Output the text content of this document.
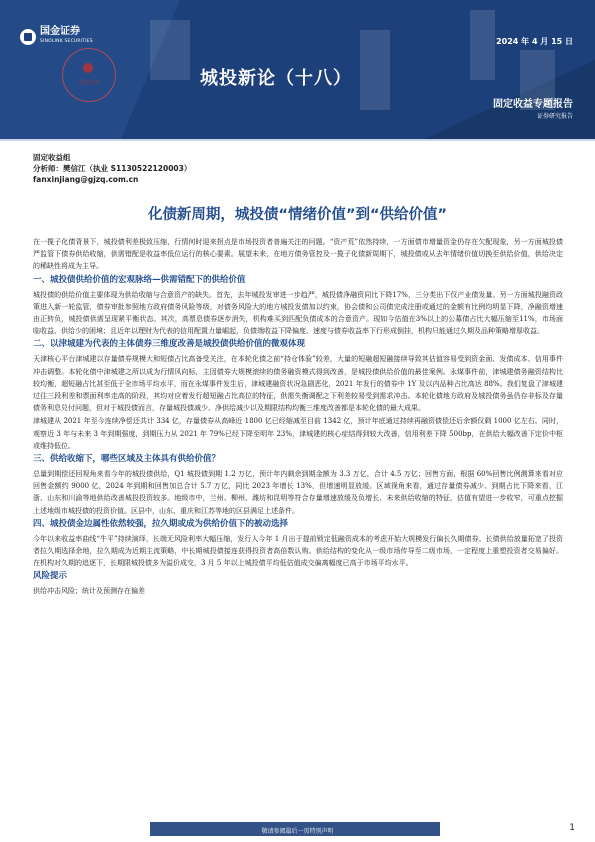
国金证券
SINOLINK SECURITIES	2024 年 4 月 15 日
国金证券	城投新论（十八）
固定收益专题报告
证券研究报告
固定收益组
分析师：樊信江（执业 S1130522120003）
fanxinjiang@gjzq.com.cn
化债新周期，城投债“情绪价值”到“供给价值”

在一揽子化债背景下，城投债利差极致压缩，行情何时迎来拐点是市场投资者普遍关注的问题。“资产荒”依然持续，一方面债市增量资金仍存在欠配现象，另一方面城投债严监管下债券供给收缩，供需错配是收益率低位运行的核心要素。展望未来，在地方债务管控及一揽子化债新周期下，城投债或从去年情绪价值切换至供给价值，供给决定的稀缺性将成为主导。

一、城投债供给价值的宏观脉络—供需错配下的供给价值

城投债的供给价值主要体现为供给收缩与合意资产的缺失。首先，去年城投发审进一步趋严，城投债净融资同比下降17%，三分类出下仅产业债发量。另一方面城投融资政策进入新一轮监管，债券审批参照地方政府债务风险等级，对债务风险大的地方城投发债加以约束，协会债和公司债完成注册或通过的金额有比例均明显下降，净融资增速由正转负，城投债供需呈现紧平衡状态。其次，高票息债券逐步消失，机构难买到匹配负债成本的合意资产。现如今估值在3%以上的公募债占比大幅压缩至11%，市场面临收益、供给少的困境；且近年以理财为代表的信用配置力量崛起，负债端收益下降偏度、速度与债券收益率下行形成倒挂，机构只能通过久期及品种策略增厚收益。

二、以津城建为代表的主体债券三维度改善是城投债供给价值的微观体现

天津核心平台津城建以存量债券规模大和短债占比高备受关注，在本轮化债之前“持仓体验”较差，大量的短融超短融接续导致其估值容易受到资金面、发债成本、信用事件冲击调整。本轮化债中津城建之所以成为行情风向标，主因债券大规模滚续的债务融资模式得到改善，是城投债供给价值的最佳案例。永煤事件前，津城建债务融资结构比较均衡，超短融占比甚至低于全市场平均水平，而在永煤事件发生后，津城建融资状况急剧恶化，2021 年发行的债券中 1Y 及以内品种占比高达 88%。我们复盘了津城建过往三段利差和票面利率走高的阶段，其均对应着发行超短融占比高位的特征，供需失衡调配之下利差较易受到需求冲击。本轮化债地方政府及城投债务虽仍存非标及存量债务利息兑付问题，但对于城投债而言，存量城投债减少、净供给减少以及期限结构均衡三维度改善都是本轮化债的最大成果。

津城建从 2021 年至今连续净偿还共计 334 亿，存量债券从高峰近 1800 亿已经缩减至目前 1342 亿，预计年底通过持续再融资债偿还后余额仅剩 1000 亿左右。同时，观察近 3 年与未来 3 年到期强度，到期压力从 2021 年 79%已经下降至明年 23%，津城建的核心症结得到较大改善，信用利差下降 500bp，在供给大幅改善下定价中枢或维持低位。

三、供给收缩下，哪些区域及主体具有供给价值？

总量到期偿还回视角来看今年的城投债供给，Q1 城投债到期 1.2 万亿，预计年内剩余到期金额为 3.3 万亿，合计 4.5 万亿；回售方面，根据 60%回售比例测算来看对应回售金额约 9000 亿，2024 年到期和回售加总合计 5.7 万亿，同比 2023 年增长 13%，但增速明显放缓。区域视角来看，通过存量债券减少、到期占比下降来看，江浙、山东和川渝等地供给改善城投投资较多。地级市中，兰州、柳州、潍坊和昆明等符合存量增速放缓及负增长、未来供给收缩的特征，估值有望进一步收窄，可重点挖掘上述地级市城投债的投资价值。区县中，山东、重庆和江苏等地的区县满足上述条件。

四、城投债金边属性依然较强，拉久期或成为供给价值下的被动选择

今年以来收益率曲线“牛平”持续演绎，长端无风险利率大幅压缩，发行人今年 1 月出于提前锁定低融资成本的考虑开始大规模发行偏长久期债券。长债供给放量拓宽了投资者拉久期选择余地，拉久期成为近期主流策略，中长期城投债接连获得投资者高倍数认购。供给结构的变化从一级市场传导至二级市场，一定程度上重塑投资者交易偏好。在机构对久期的追逐下，长期限城投债多为溢价成交，3 月 5 年以上城投债平均低估值成交偏离幅度已高于市场平均水平。

风险提示

供给冲击风险；统计及预测存在偏差

敬请参阅最后一页特别声明	1
